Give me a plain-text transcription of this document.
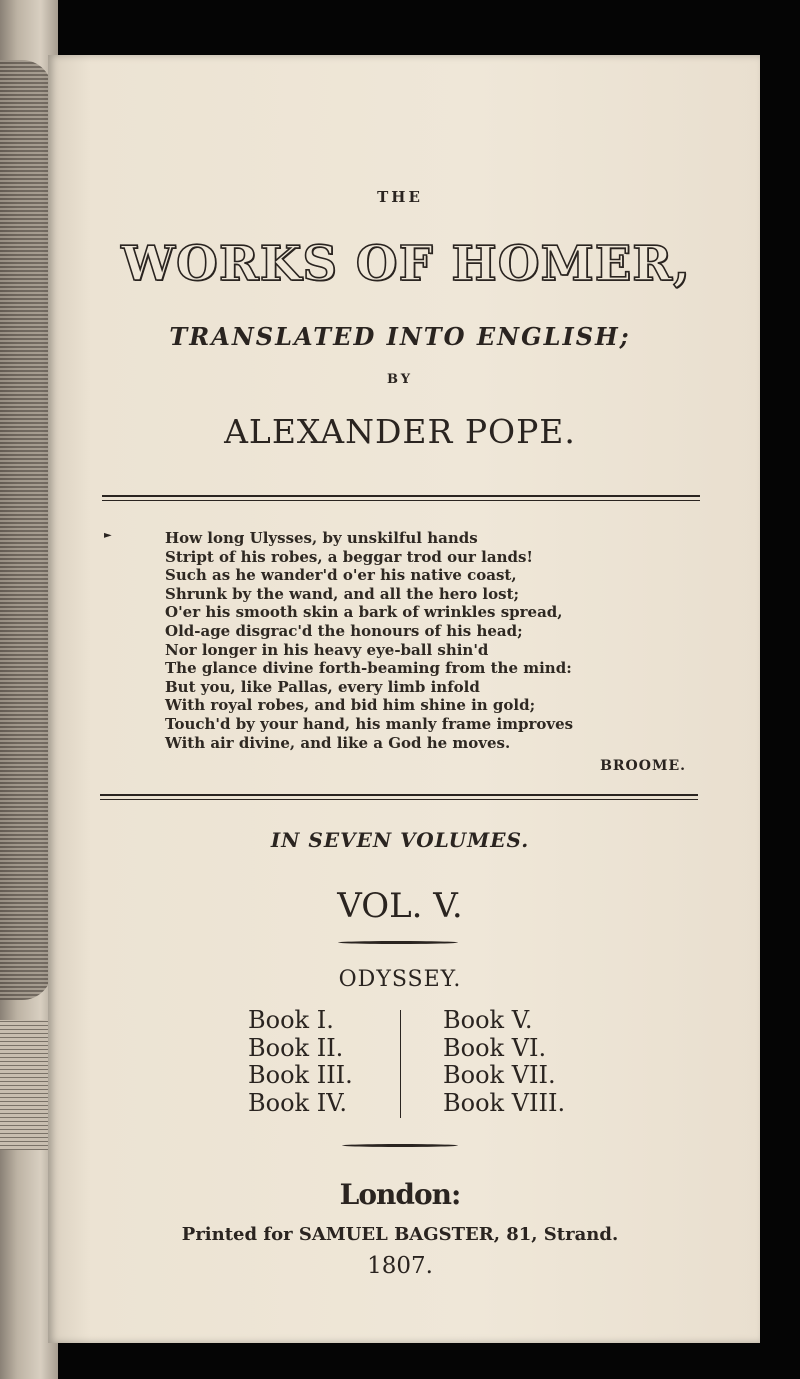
THE
WORKS OF HOMER,
TRANSLATED INTO ENGLISH;
BY
ALEXANDER POPE.
►	How long Ulysses, by unskilful hands
Stript of his robes, a beggar trod our lands!
Such as he wander'd o'er his native coast,
Shrunk by the wand, and all the hero lost;
O'er his smooth skin a bark of wrinkles spread,
Old-age disgrac'd the honours of his head;
Nor longer in his heavy eye-ball shin'd
The glance divine forth-beaming from the mind:
But you, like Pallas, every limb infold
With royal robes, and bid him shine in gold;
Touch'd by your hand, his manly frame improves
With air divine, and like a God he moves.
BROOME.
IN SEVEN VOLUMES.
VOL. V.
ODYSSEY.
Book I.
Book II.
Book III.
Book IV.
Book V.
Book VI.
Book VII.
Book VIII.
London:
Printed for SAMUEL BAGSTER, 81, Strand.
1807.
